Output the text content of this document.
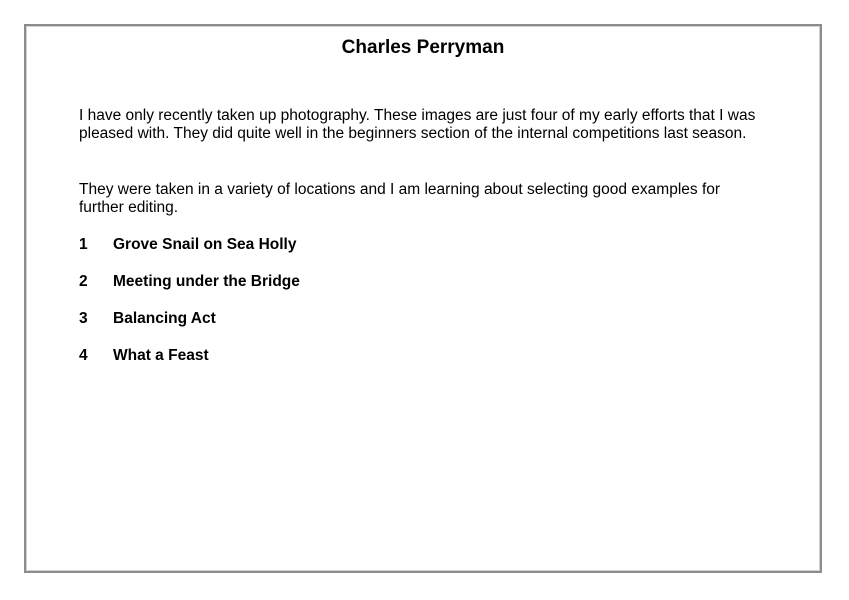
Charles Perryman

I have only recently taken up photography. These images are just four of my early efforts that I was pleased with. They did quite well in the beginners section of the internal competitions last season.

They were taken in a variety of locations and I am learning about selecting good examples for further editing.

1 Grove Snail on Sea Holly
2 Meeting under the Bridge
3 Balancing Act
4 What a Feast
